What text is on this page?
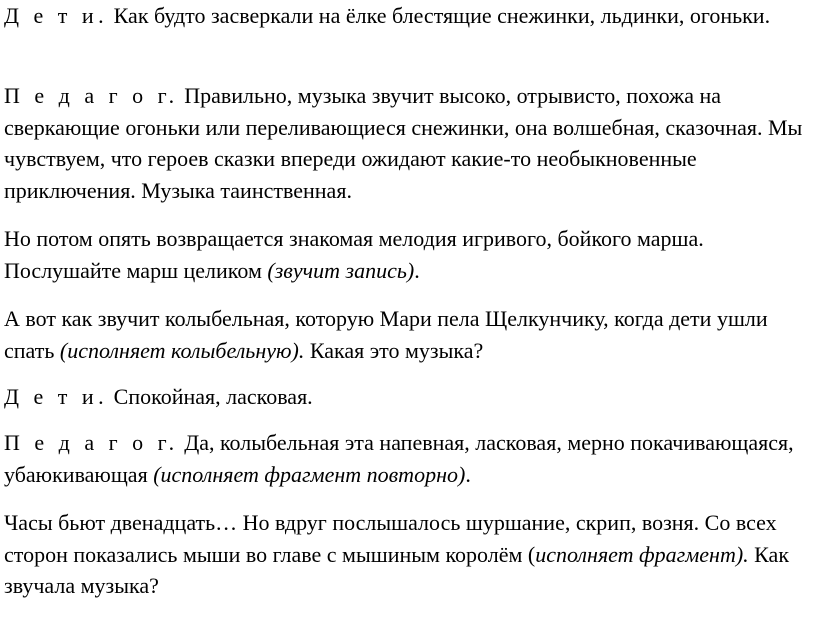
Д е т и. Как будто засверкали на ёлке блестящие снежинки, льдинки, огоньки.

П е д а г о г. Правильно, музыка звучит высоко, отрывисто, похожа на сверкающие огоньки или переливающиеся снежинки, она волшебная, сказочная. Мы чувствуем, что героев сказки впереди ожидают какие-то необыкновенные приключения. Музыка таинственная.

Но потом опять возвращается знакомая мелодия игривого, бойкого марша. Послушайте марш целиком (звучит запись).

А вот как звучит колыбельная, которую Мари пела Щелкунчику, когда дети ушли спать (исполняет колыбельную). Какая это музыка?

Д е т и. Спокойная, ласковая.

П е д а г о г. Да, колыбельная эта напевная, ласковая, мерно покачивающаяся, убаюкивающая (исполняет фрагмент повторно).

Часы бьют двенадцать… Но вдруг послышалось шуршание, скрип, возня. Со всех сторон показались мыши во главе с мышиным королём (исполняет фрагмент). Как звучала музыка?
